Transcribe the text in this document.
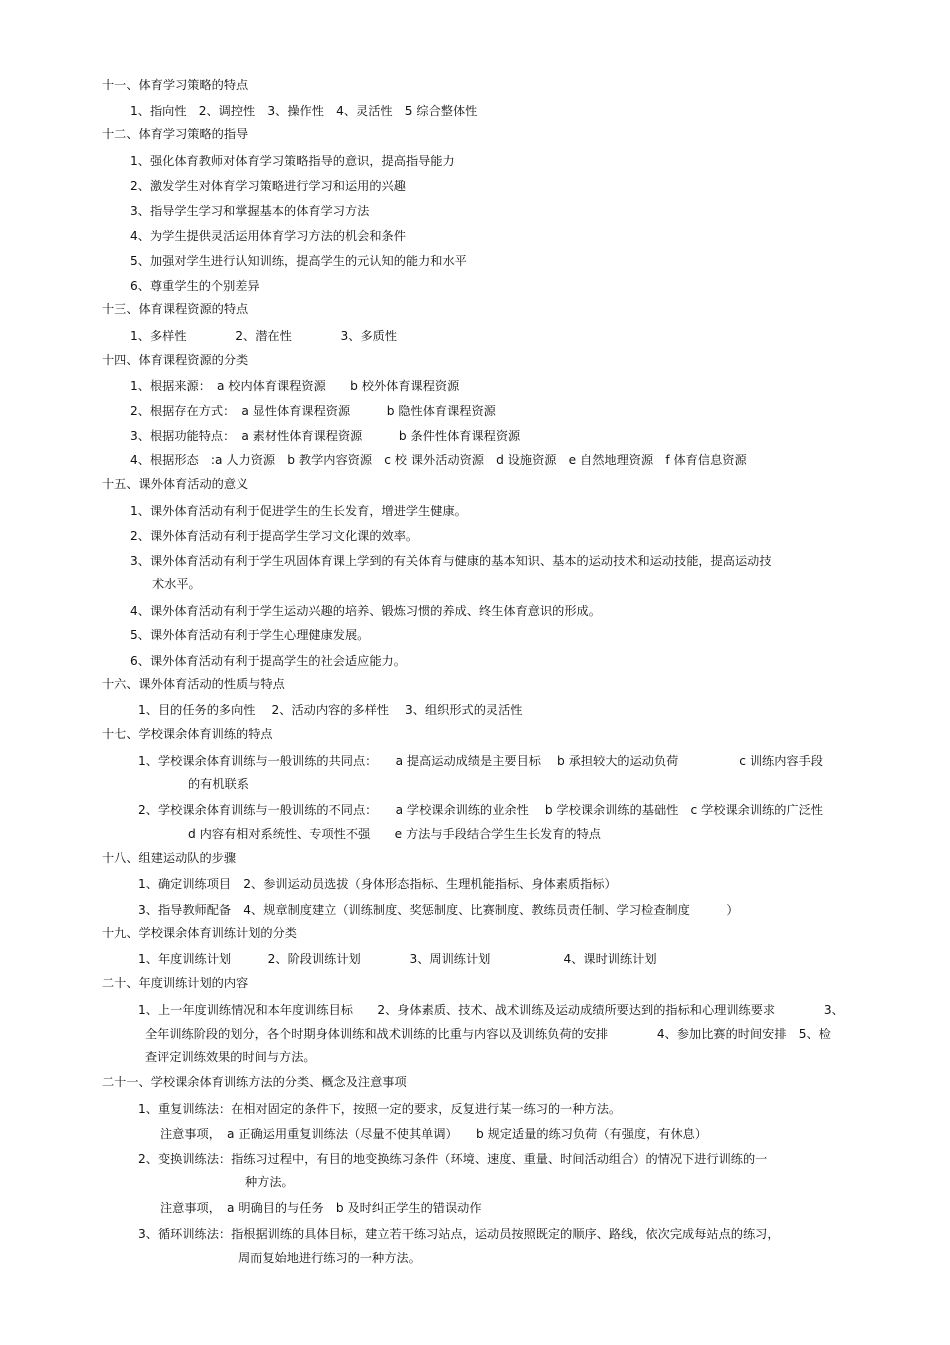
十一、体育学习策略的特点

1、指向性　2、调控性　3、操作性　4、灵活性　5 综合整体性

十二、体育学习策略的指导

1、强化体育教师对体育学习策略指导的意识，提高指导能力

2、激发学生对体育学习策略进行学习和运用的兴趣

3、指导学生学习和掌握基本的体育学习方法

4、为学生提供灵活运用体育学习方法的机会和条件

5、加强对学生进行认知训练，提高学生的元认知的能力和水平

6、尊重学生的个别差异

十三、体育课程资源的特点

1、多样性　　　　2、潜在性　　　　3、多质性

十四、体育课程资源的分类

1、根据来源：　a 校内体育课程资源　　b 校外体育课程资源

2、根据存在方式：　a 显性体育课程资源　　　b 隐性体育课程资源

3、根据功能特点：　a 素材性体育课程资源　　　b 条件性体育课程资源

4、根据形态　:a 人力资源　b 教学内容资源　c 校 课外活动资源　d 设施资源　e 自然地理资源　f 体育信息资源

十五、课外体育活动的意义

1、课外体育活动有利于促进学生的生长发育，增进学生健康。

2、课外体育活动有利于提高学生学习文化课的效率。

3、课外体育活动有利于学生巩固体育课上学到的有关体育与健康的基本知识、基本的运动技术和运动技能，提高运动技

术水平。

4、课外体育活动有利于学生运动兴趣的培养、锻炼习惯的养成、终生体育意识的形成。

5、课外体育活动有利于学生心理健康发展。

6、课外体育活动有利于提高学生的社会适应能力。

十六、课外体育活动的性质与特点

1、目的任务的多向性　 2、活动内容的多样性　 3、组织形式的灵活性

十七、学校课余体育训练的特点

1、学校课余体育训练与一般训练的共同点：　　a 提高运动成绩是主要目标　 b 承担较大的运动负荷　　　　　c 训练内容手段

的有机联系

2、学校课余体育训练与一般训练的不同点：　　a 学校课余训练的业余性　 b 学校课余训练的基础性　c 学校课余训练的广泛性

d 内容有相对系统性、专项性不强　　e 方法与手段结合学生生长发育的特点

十八、组建运动队的步骤

1、确定训练项目　2、参训运动员选拔（身体形态指标、生理机能指标、身体素质指标）

3、指导教师配备　4、规章制度建立（训练制度、奖惩制度、比赛制度、教练员责任制、学习检查制度　　　）

十九、学校课余体育训练计划的分类

1、年度训练计划　　　2、阶段训练计划　　　　3、周训练计划　　　　　　4、课时训练计划

二十、年度训练计划的内容

1、上一年度训练情况和本年度训练目标　　2、身体素质、技术、战术训练及运动成绩所要达到的指标和心理训练要求　　　　3、

全年训练阶段的划分，各个时期身体训练和战术训练的比重与内容以及训练负荷的安排　　　　4、参加比赛的时间安排　5、检

查评定训练效果的时间与方法。

二十一、学校课余体育训练方法的分类、概念及注意事项

1、重复训练法：在相对固定的条件下，按照一定的要求，反复进行某一练习的一种方法。

注意事项，　a 正确运用重复训练法（尽量不使其单调）　　b 规定适量的练习负荷（有强度，有休息）

2、变换训练法：指练习过程中，有目的地变换练习条件（环境、速度、重量、时间活动组合）的情况下进行训练的一

种方法。

注意事项，　a 明确目的与任务　b 及时纠正学生的错误动作

3、循环训练法：指根据训练的具体目标，建立若干练习站点，运动员按照既定的顺序、路线，依次完成每站点的练习，

周而复始地进行练习的一种方法。
